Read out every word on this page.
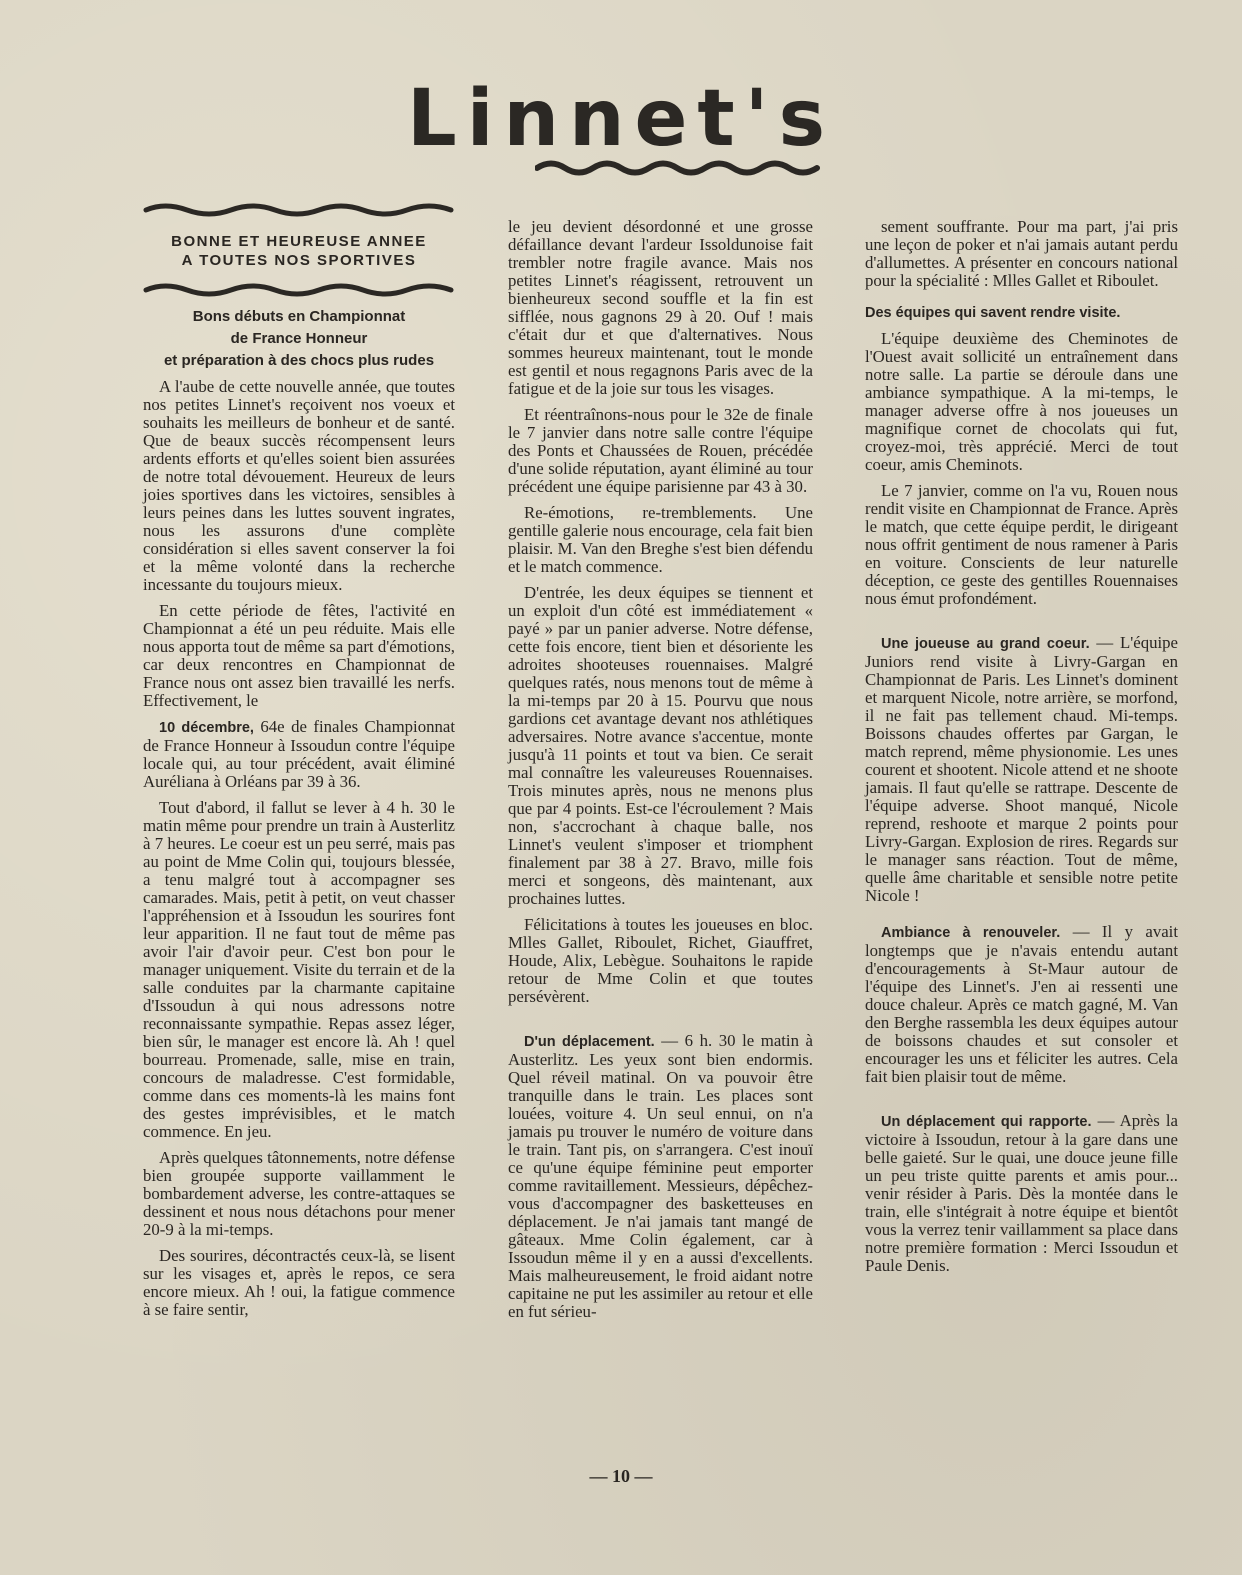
Linnet's
BONNE ET HEUREUSE ANNEE
A TOUTES NOS SPORTIVES
Bons débuts en Championnat
de France Honneur
et préparation à des chocs plus rudes

A l'aube de cette nouvelle année, que toutes nos petites Linnet's reçoivent nos voeux et souhaits les meilleurs de bonheur et de santé. Que de beaux succès récompensent leurs ardents efforts et qu'elles soient bien assurées de notre total dévouement. Heureux de leurs joies sportives dans les victoires, sensibles à leurs peines dans les luttes souvent ingrates, nous les assurons d'une complète considération si elles savent conserver la foi et la même volonté dans la recherche incessante du toujours mieux.

En cette période de fêtes, l'activité en Championnat a été un peu réduite. Mais elle nous apporta tout de même sa part d'émotions, car deux rencontres en Championnat de France nous ont assez bien travaillé les nerfs. Effectivement, le

10 décembre, 64e de finales Championnat de France Honneur à Issoudun contre l'équipe locale qui, au tour précédent, avait éliminé Auréliana à Orléans par 39 à 36.

Tout d'abord, il fallut se lever à 4 h. 30 le matin même pour prendre un train à Austerlitz à 7 heures. Le coeur est un peu serré, mais pas au point de Mme Colin qui, toujours blessée, a tenu malgré tout à accompagner ses camarades. Mais, petit à petit, on veut chasser l'appréhension et à Issoudun les sourires font leur apparition. Il ne faut tout de même pas avoir l'air d'avoir peur. C'est bon pour le manager uniquement. Visite du terrain et de la salle conduites par la charmante capitaine d'Issoudun à qui nous adressons notre reconnaissante sympathie. Repas assez léger, bien sûr, le manager est encore là. Ah ! quel bourreau. Promenade, salle, mise en train, concours de maladresse. C'est formidable, comme dans ces moments-là les mains font des gestes imprévisibles, et le match commence. En jeu.

Après quelques tâtonnements, notre défense bien groupée supporte vaillamment le bombardement adverse, les contre-attaques se dessinent et nous nous détachons pour mener 20-9 à la mi-temps.

Des sourires, décontractés ceux-là, se lisent sur les visages et, après le repos, ce sera encore mieux. Ah ! oui, la fatigue commence à se faire sentir,

le jeu devient désordonné et une grosse défaillance devant l'ardeur Issoldunoise fait trembler notre fragile avance. Mais nos petites Linnet's réagissent, retrouvent un bienheureux second souffle et la fin est sifflée, nous gagnons 29 à 20. Ouf ! mais c'était dur et que d'alternatives. Nous sommes heureux maintenant, tout le monde est gentil et nous regagnons Paris avec de la fatigue et de la joie sur tous les visages.

Et réentraînons-nous pour le 32e de finale le 7 janvier dans notre salle contre l'équipe des Ponts et Chaussées de Rouen, précédée d'une solide réputation, ayant éliminé au tour précédent une équipe parisienne par 43 à 30.

Re-émotions, re-tremblements. Une gentille galerie nous encourage, cela fait bien plaisir. M. Van den Breghe s'est bien défendu et le match commence.

D'entrée, les deux équipes se tiennent et un exploit d'un côté est immédiatement « payé » par un panier adverse. Notre défense, cette fois encore, tient bien et désoriente les adroites shooteuses rouennaises. Malgré quelques ratés, nous menons tout de même à la mi-temps par 20 à 15. Pourvu que nous gardions cet avantage devant nos athlétiques adversaires. Notre avance s'accentue, monte jusqu'à 11 points et tout va bien. Ce serait mal connaître les valeureuses Rouennaises. Trois minutes après, nous ne menons plus que par 4 points. Est-ce l'écroulement ? Mais non, s'accrochant à chaque balle, nos Linnet's veulent s'imposer et triomphent finalement par 38 à 27. Bravo, mille fois merci et songeons, dès maintenant, aux prochaines luttes.

Félicitations à toutes les joueuses en bloc. Mlles Gallet, Riboulet, Richet, Giauffret, Houde, Alix, Lebègue. Souhaitons le rapide retour de Mme Colin et que toutes persévèrent.

D'un déplacement. — 6 h. 30 le matin à Austerlitz. Les yeux sont bien endormis. Quel réveil matinal. On va pouvoir être tranquille dans le train. Les places sont louées, voiture 4. Un seul ennui, on n'a jamais pu trouver le numéro de voiture dans le train. Tant pis, on s'arrangera. C'est inouï ce qu'une équipe féminine peut emporter comme ravitaillement. Messieurs, dépêchez-vous d'accompagner des basketteuses en déplacement. Je n'ai jamais tant mangé de gâteaux. Mme Colin également, car à Issoudun même il y en a aussi d'excellents. Mais malheureusement, le froid aidant notre capitaine ne put les assimiler au retour et elle en fut sérieu-

sement souffrante. Pour ma part, j'ai pris une leçon de poker et n'ai jamais autant perdu d'allumettes. A présenter en concours national pour la spécialité : Mlles Gallet et Riboulet.

Des équipes qui savent rendre visite.

L'équipe deuxième des Cheminotes de l'Ouest avait sollicité un entraînement dans notre salle. La partie se déroule dans une ambiance sympathique. A la mi-temps, le manager adverse offre à nos joueuses un magnifique cornet de chocolats qui fut, croyez-moi, très apprécié. Merci de tout coeur, amis Cheminots.

Le 7 janvier, comme on l'a vu, Rouen nous rendit visite en Championnat de France. Après le match, que cette équipe perdit, le dirigeant nous offrit gentiment de nous ramener à Paris en voiture. Conscients de leur naturelle déception, ce geste des gentilles Rouennaises nous émut profondément.

Une joueuse au grand coeur. — L'équipe Juniors rend visite à Livry-Gargan en Championnat de Paris. Les Linnet's dominent et marquent Nicole, notre arrière, se morfond, il ne fait pas tellement chaud. Mi-temps. Boissons chaudes offertes par Gargan, le match reprend, même physionomie. Les unes courent et shootent. Nicole attend et ne shoote jamais. Il faut qu'elle se rattrape. Descente de l'équipe adverse. Shoot manqué, Nicole reprend, reshoote et marque 2 points pour Livry-Gargan. Explosion de rires. Regards sur le manager sans réaction. Tout de même, quelle âme charitable et sensible notre petite Nicole !

Ambiance à renouveler. — Il y avait longtemps que je n'avais entendu autant d'encouragements à St-Maur autour de l'équipe des Linnet's. J'en ai ressenti une douce chaleur. Après ce match gagné, M. Van den Berghe rassembla les deux équipes autour de boissons chaudes et sut consoler et encourager les uns et féliciter les autres. Cela fait bien plaisir tout de même.

Un déplacement qui rapporte. — Après la victoire à Issoudun, retour à la gare dans une belle gaieté. Sur le quai, une douce jeune fille un peu triste quitte parents et amis pour... venir résider à Paris. Dès la montée dans le train, elle s'intégrait à notre équipe et bientôt vous la verrez tenir vaillamment sa place dans notre première formation : Merci Issoudun et Paule Denis.

— 10 —
